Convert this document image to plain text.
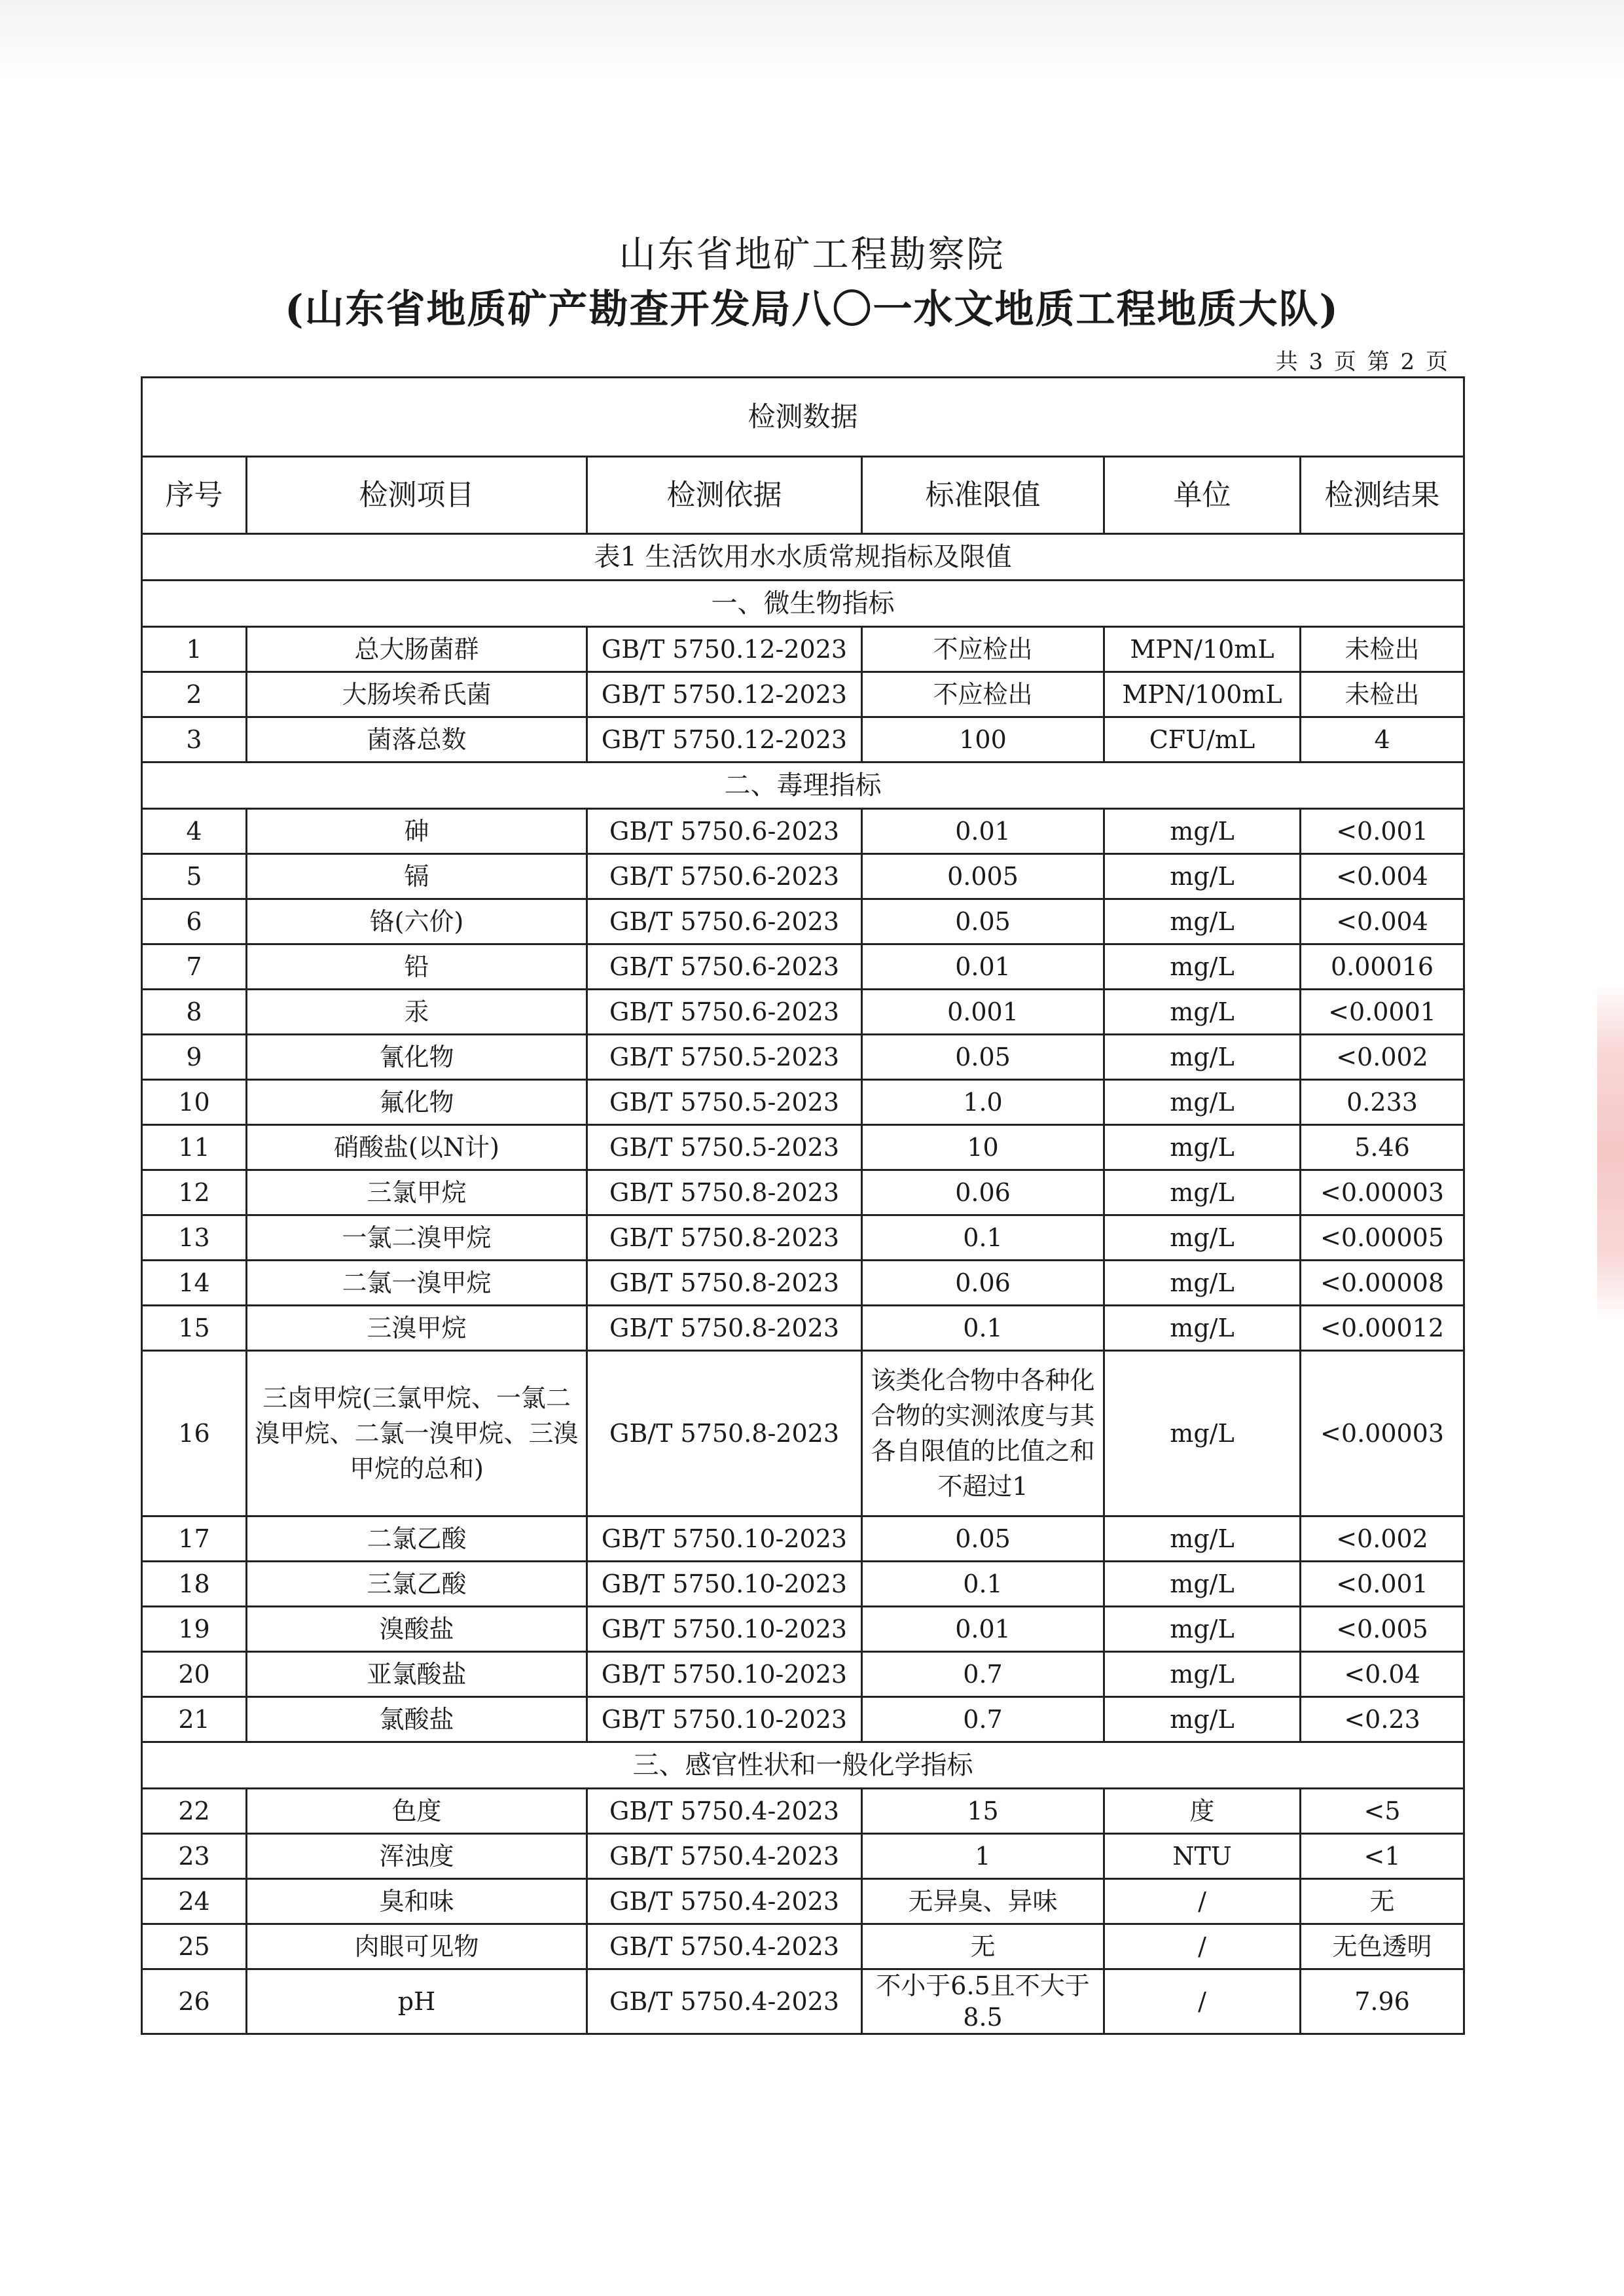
山东省地矿工程勘察院
(山东省地质矿产勘查开发局八〇一水文地质工程地质大队)
共 3 页 第 2 页
检测数据					
序号	检测项目	检测依据	标准限值	单位	检测结果
表1 生活饮用水水质常规指标及限值					
一、微生物指标					
1	总大肠菌群	GB/T 5750.12-2023	不应检出	MPN/10mL	未检出
2	大肠埃希氏菌	GB/T 5750.12-2023	不应检出	MPN/100mL	未检出
3	菌落总数	GB/T 5750.12-2023	100	CFU/mL	4
二、毒理指标					
4	砷	GB/T 5750.6-2023	0.01	mg/L	<0.001
5	镉	GB/T 5750.6-2023	0.005	mg/L	<0.004
6	铬(六价)	GB/T 5750.6-2023	0.05	mg/L	<0.004
7	铅	GB/T 5750.6-2023	0.01	mg/L	0.00016
8	汞	GB/T 5750.6-2023	0.001	mg/L	<0.0001
9	氰化物	GB/T 5750.5-2023	0.05	mg/L	<0.002
10	氟化物	GB/T 5750.5-2023	1.0	mg/L	0.233
11	硝酸盐(以N计)	GB/T 5750.5-2023	10	mg/L	5.46
12	三氯甲烷	GB/T 5750.8-2023	0.06	mg/L	<0.00003
13	一氯二溴甲烷	GB/T 5750.8-2023	0.1	mg/L	<0.00005
14	二氯一溴甲烷	GB/T 5750.8-2023	0.06	mg/L	<0.00008
15	三溴甲烷	GB/T 5750.8-2023	0.1	mg/L	<0.00012
16	三卤甲烷(三氯甲烷、一氯二溴甲烷、二氯一溴甲烷、三溴甲烷的总和)	GB/T 5750.8-2023	该类化合物中各种化合物的实测浓度与其各自限值的比值之和不超过1	mg/L	<0.00003
17	二氯乙酸	GB/T 5750.10-2023	0.05	mg/L	<0.002
18	三氯乙酸	GB/T 5750.10-2023	0.1	mg/L	<0.001
19	溴酸盐	GB/T 5750.10-2023	0.01	mg/L	<0.005
20	亚氯酸盐	GB/T 5750.10-2023	0.7	mg/L	<0.04
21	氯酸盐	GB/T 5750.10-2023	0.7	mg/L	<0.23
三、感官性状和一般化学指标					
22	色度	GB/T 5750.4-2023	15	度	<5
23	浑浊度	GB/T 5750.4-2023	1	NTU	<1
24	臭和味	GB/T 5750.4-2023	无异臭、异味	/	无
25	肉眼可见物	GB/T 5750.4-2023	无	/	无色透明
26	pH	GB/T 5750.4-2023	不小于6.5且不大于8.5	/	7.96
